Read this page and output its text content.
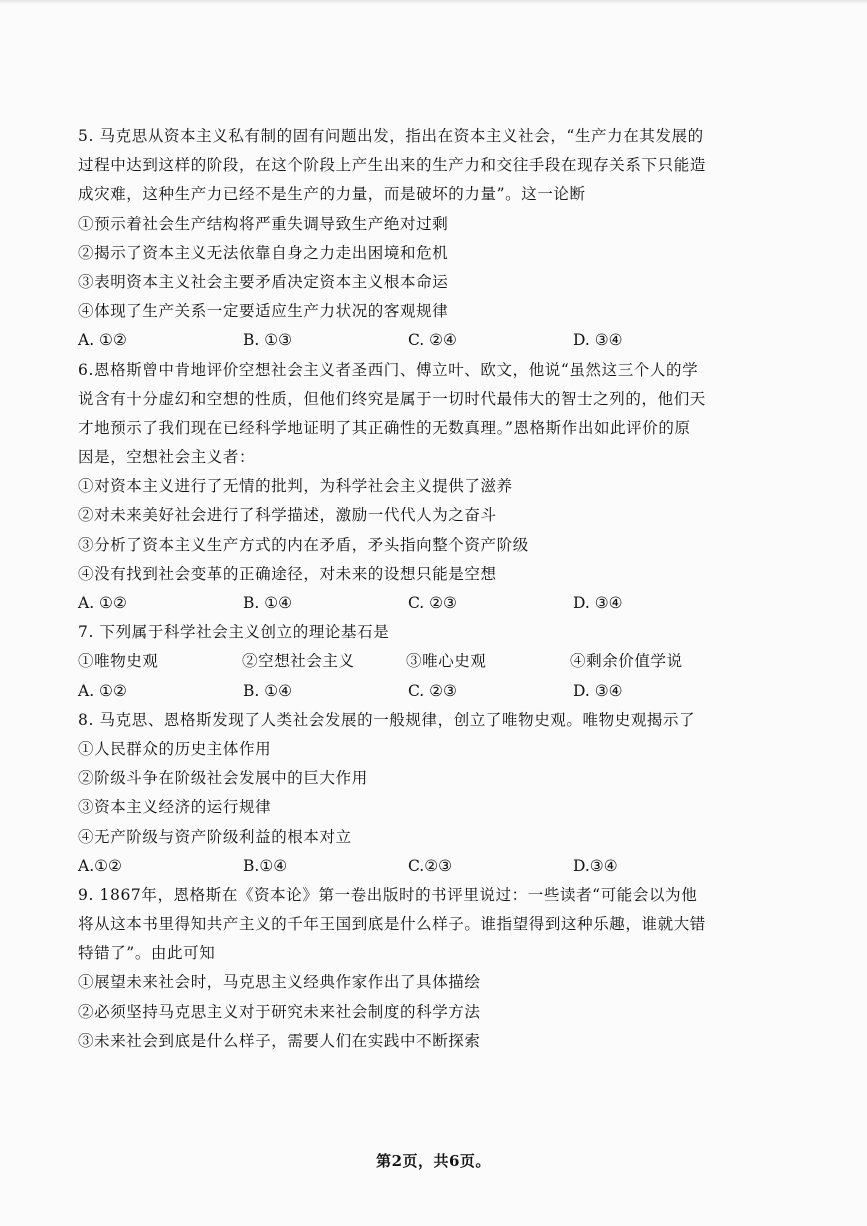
5. 马克思从资本主义私有制的固有问题出发，指出在资本主义社会，“生产力在其发展的
过程中达到这样的阶段，在这个阶段上产生出来的生产力和交往手段在现存关系下只能造
成灾难，这种生产力已经不是生产的力量，而是破坏的力量”。这一论断
①预示着社会生产结构将严重失调导致生产绝对过剩
②揭示了资本主义无法依靠自身之力走出困境和危机
③表明资本主义社会主要矛盾决定资本主义根本命运
④体现了生产关系一定要适应生产力状况的客观规律
A. ①②	B. ①③	C. ②④	D. ③④
6.恩格斯曾中肯地评价空想社会主义者圣西门、傅立叶、欧文，他说“虽然这三个人的学
说含有十分虚幻和空想的性质，但他们终究是属于一切时代最伟大的智士之列的，他们天
才地预示了我们现在已经科学地证明了其正确性的无数真理。”恩格斯作出如此评价的原
因是，空想社会主义者：
①对资本主义进行了无情的批判，为科学社会主义提供了滋养
②对未来美好社会进行了科学描述，激励一代代人为之奋斗
③分析了资本主义生产方式的内在矛盾，矛头指向整个资产阶级
④没有找到社会变革的正确途径，对未来的设想只能是空想
A. ①②	B. ①④	C. ②③	D. ③④
7. 下列属于科学社会主义创立的理论基石是
①唯物史观	②空想社会主义	③唯心史观	④剩余价值学说
A. ①②	B. ①④	C. ②③	D. ③④
8. 马克思、恩格斯发现了人类社会发展的一般规律，创立了唯物史观。唯物史观揭示了
①人民群众的历史主体作用
②阶级斗争在阶级社会发展中的巨大作用
③资本主义经济的运行规律
④无产阶级与资产阶级利益的根本对立
A.①②	B.①④	C.②③	D.③④
9. 1867年，恩格斯在《资本论》第一卷出版时的书评里说过：一些读者“可能会以为他
将从这本书里得知共产主义的千年王国到底是什么样子。谁指望得到这种乐趣，谁就大错
特错了”。由此可知
①展望未来社会时，马克思主义经典作家作出了具体描绘
②必须坚持马克思主义对于研究未来社会制度的科学方法
③未来社会到底是什么样子，需要人们在实践中不断探索
第2页，共6页。
